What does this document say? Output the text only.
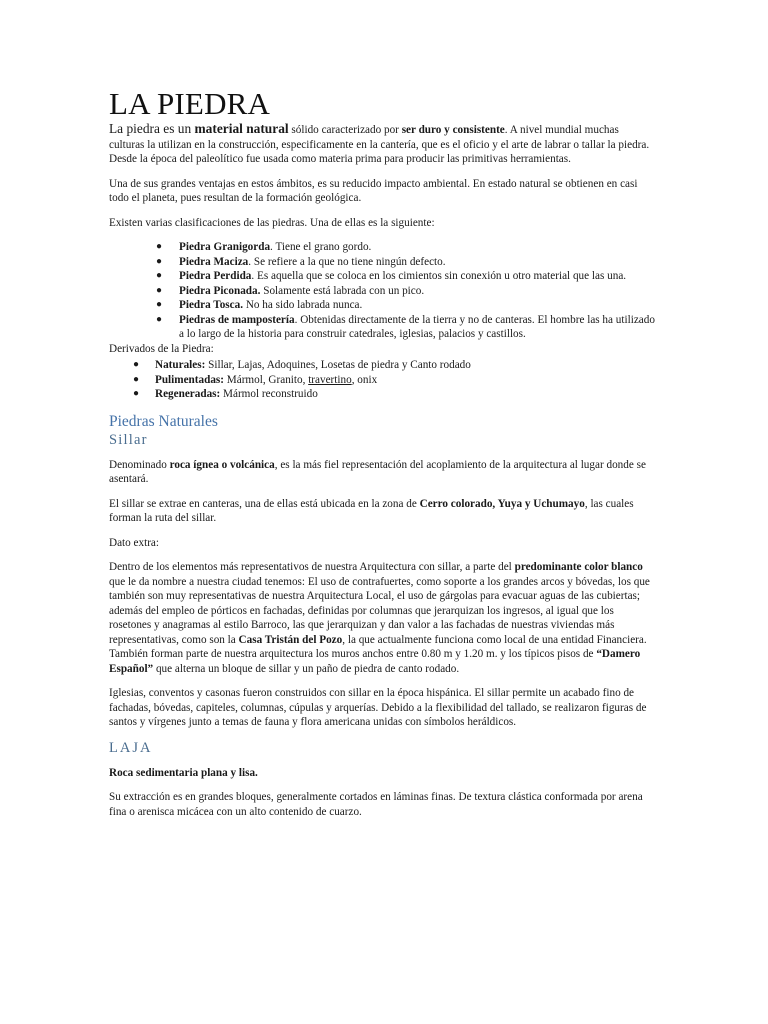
LA PIEDRA

La piedra es un material natural sólido caracterizado por ser duro y consistente. A nivel mundial muchas culturas la utilizan en la construcción, especificamente en la cantería, que es el oficio y el arte de labrar o tallar la piedra. Desde la época del paleolítico fue usada como materia prima para producir las primitivas herramientas.

Una de sus grandes ventajas en estos ámbitos, es su reducido impacto ambiental. En estado natural se obtienen en casi todo el planeta, pues resultan de la formación geológica.

Existen varias clasificaciones de las piedras. Una de ellas es la siguiente:

● Piedra Granigorda. Tiene el grano gordo.
● Piedra Maciza. Se refiere a la que no tiene ningún defecto.
● Piedra Perdida. Es aquella que se coloca en los cimientos sin conexión u otro material que las una.
● Piedra Piconada. Solamente está labrada con un pico.
● Piedra Tosca. No ha sido labrada nunca.
● Piedras de mampostería. Obtenidas directamente de la tierra y no de canteras. El hombre las ha utilizado a lo largo de la historia para construir catedrales, iglesias, palacios y castillos.

Derivados de la Piedra:

● Naturales: Sillar, Lajas, Adoquines, Losetas de piedra y Canto rodado
● Pulimentadas: Mármol, Granito, travertino, onix
● Regeneradas: Mármol reconstruido
Piedras Naturales
Sillar

Denominado roca ígnea o volcánica, es la más fiel representación del acoplamiento de la arquitectura al lugar donde se asentará.

El sillar se extrae en canteras, una de ellas está ubicada en la zona de Cerro colorado, Yuya y Uchumayo, las cuales forman la ruta del sillar.

Dato extra:

Dentro de los elementos más representativos de nuestra Arquitectura con sillar, a parte del predominante color blanco que le da nombre a nuestra ciudad tenemos: El uso de contrafuertes, como soporte a los grandes arcos y bóvedas, los que también son muy representativas de nuestra Arquitectura Local, el uso de gárgolas para evacuar aguas de las cubiertas; además del empleo de pórticos en fachadas, definidas por columnas que jerarquizan los ingresos, al igual que los rosetones y anagramas al estilo Barroco, las que jerarquizan y dan valor a las fachadas de nuestras viviendas más representativas, como son la Casa Tristán del Pozo, la que actualmente funciona como local de una entidad Financiera. También forman parte de nuestra arquitectura los muros anchos entre 0.80 m y 1.20 m. y los típicos pisos de “Damero Español” que alterna un bloque de sillar y un paño de piedra de canto rodado.

Iglesias, conventos y casonas fueron construidos con sillar en la época hispánica. El sillar permite un acabado fino de fachadas, bóvedas, capiteles, columnas, cúpulas y arquerías. Debido a la flexibilidad del tallado, se realizaron figuras de santos y vírgenes junto a temas de fauna y flora americana unidas con símbolos heráldicos.

LAJA

Roca sedimentaria plana y lisa.

Su extracción es en grandes bloques, generalmente cortados en láminas finas. De textura clástica conformada por arena fina o arenisca micácea con un alto contenido de cuarzo.
